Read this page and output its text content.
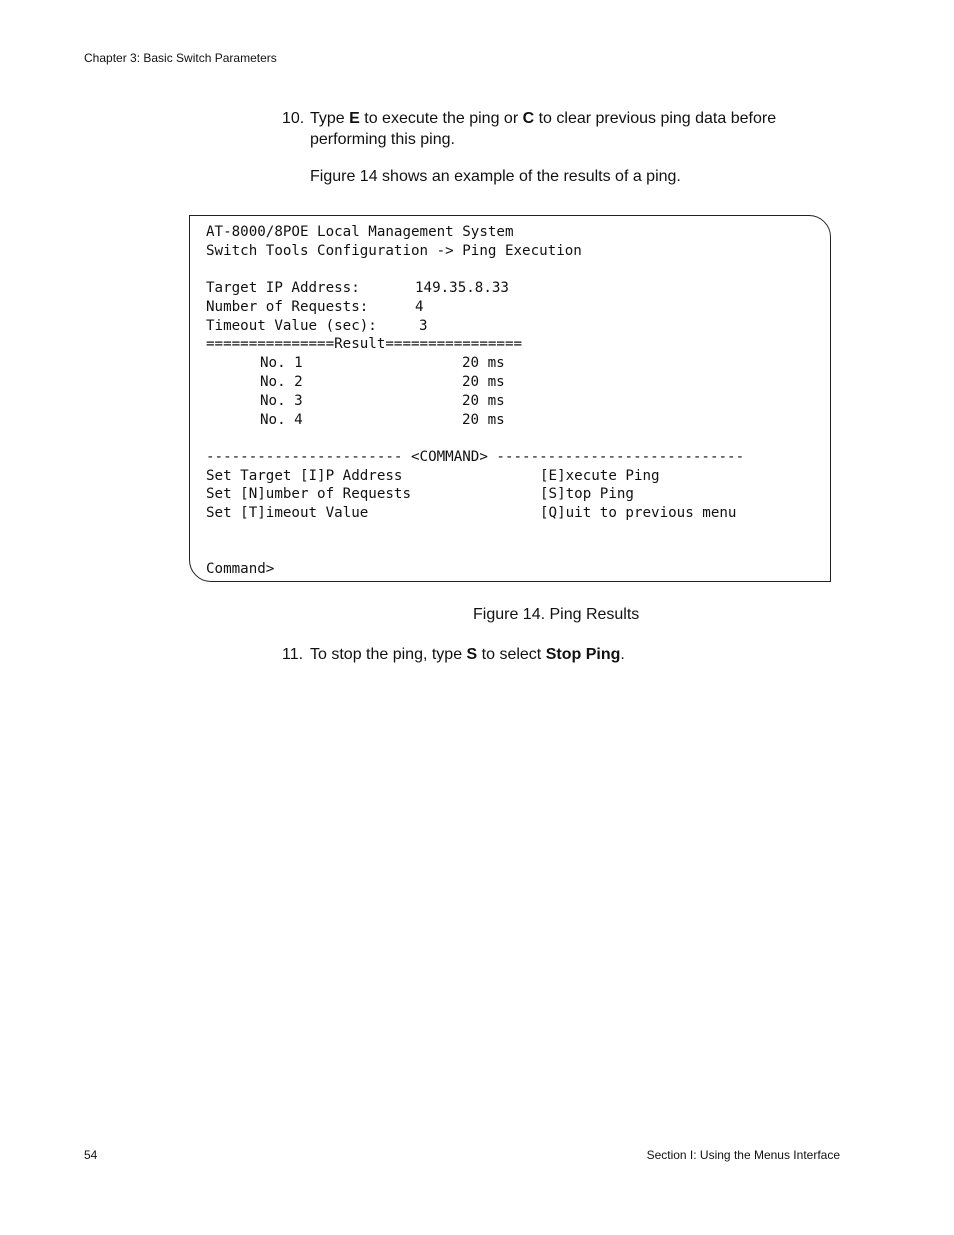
Chapter 3: Basic Switch Parameters
10. Type E to execute the ping or C to clear previous ping data before performing this ping.
Figure 14 shows an example of the results of a ping.
AT-8000/8POE Local Management System
Switch Tools Configuration -> Ping Execution
Target IP Address:	149.35.8.33
Number of Requests:	4
Timeout Value (sec):	3
===============Result================
No. 1	20 ms
No. 2	20 ms
No. 3	20 ms
No. 4	20 ms
----------------------- <COMMAND> -----------------------------
Set Target [I]P Address	[E]xecute Ping
Set [N]umber of Requests	[S]top Ping
Set [T]imeout Value	[Q]uit to previous menu
Command>
Figure 14. Ping Results
11. To stop the ping, type S to select Stop Ping.
54	Section I: Using the Menus Interface
